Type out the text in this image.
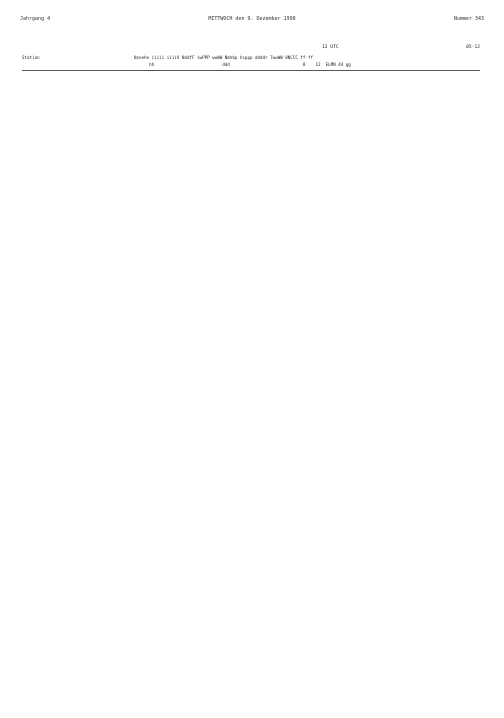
Jahrgang 4	MITTWOCH den 9. Dezember 1998	Nummer 343
12 UTC	05-12
Station	Nseehe iiiii iiiiV NddfF iwPPP wwWW Nmhbp hsppp ddddr 7wwWW 8NCCC ff-ff
hh                           ddd                             8    12  ELMN 44 gg
